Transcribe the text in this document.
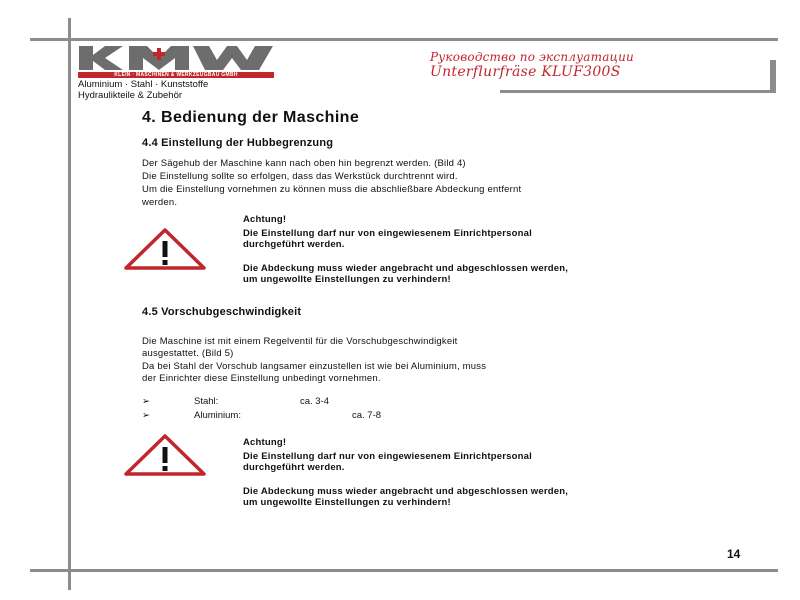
KLEIN · MASCHINEN & WERKZEUGBAU GMBH
Aluminium · Stahl · Kunststoffe
Hydraulikteile & Zubehör
Руководство по эксплуатации
Unterflurfräse KLUF300S
4. Bedienung der Maschine
4.4 Einstellung der Hubbegrenzung
Der Sägehub der Maschine kann nach oben hin begrenzt werden. (Bild 4)
Die Einstellung sollte so erfolgen, dass das Werkstück durchtrennt wird.
Um die Einstellung vornehmen zu können muss die abschließbare Abdeckung entfernt
werden.
Achtung!
Die Einstellung darf nur von eingewiesenem Einrichtpersonal
durchgeführt werden.
Die Abdeckung muss wieder angebracht und abgeschlossen werden,
um ungewollte Einstellungen zu verhindern!
4.5 Vorschubgeschwindigkeit
Die Maschine ist mit einem Regelventil für die Vorschubgeschwindigkeit
ausgestattet. (Bild 5)
Da bei Stahl der Vorschub langsamer einzustellen ist wie bei Aluminium, muss
der Einrichter diese Einstellung unbedingt vornehmen.
➢	Stahl:	ca. 3-4
➢	Aluminium:	ca. 7-8
Achtung!
Die Einstellung darf nur von eingewiesenem Einrichtpersonal
durchgeführt werden.
Die Abdeckung muss wieder angebracht und abgeschlossen werden,
um ungewollte Einstellungen zu verhindern!
14
